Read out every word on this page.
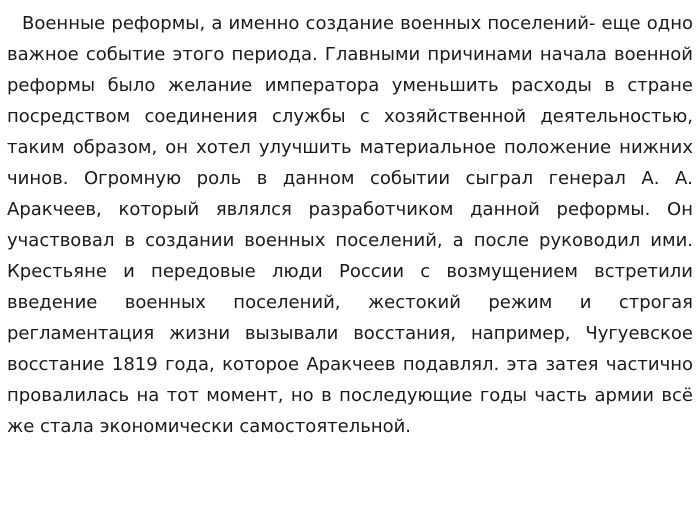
Военные реформы, а именно создание военных поселений- еще одно важное событие этого периода. Главными причинами начала военной реформы было желание императора уменьшить расходы в стране посредством соединения службы с хозяйственной деятельностью, таким образом, он хотел улучшить материальное положение нижних чинов. Огромную роль в данном событии сыграл генерал А. А. Аракчеев, который являлся разработчиком данной реформы. Он участвовал в создании военных поселений, а после руководил ими. Крестьяне и передовые люди России с возмущением встретили введение военных поселений, жестокий режим и строгая регламентация жизни вызывали восстания, например, Чугуевское восстание 1819 года, которое Аракчеев подавлял. эта затея частично провалилась на тот момент, но в последующие годы часть армии всё же стала экономически самостоятельной.
